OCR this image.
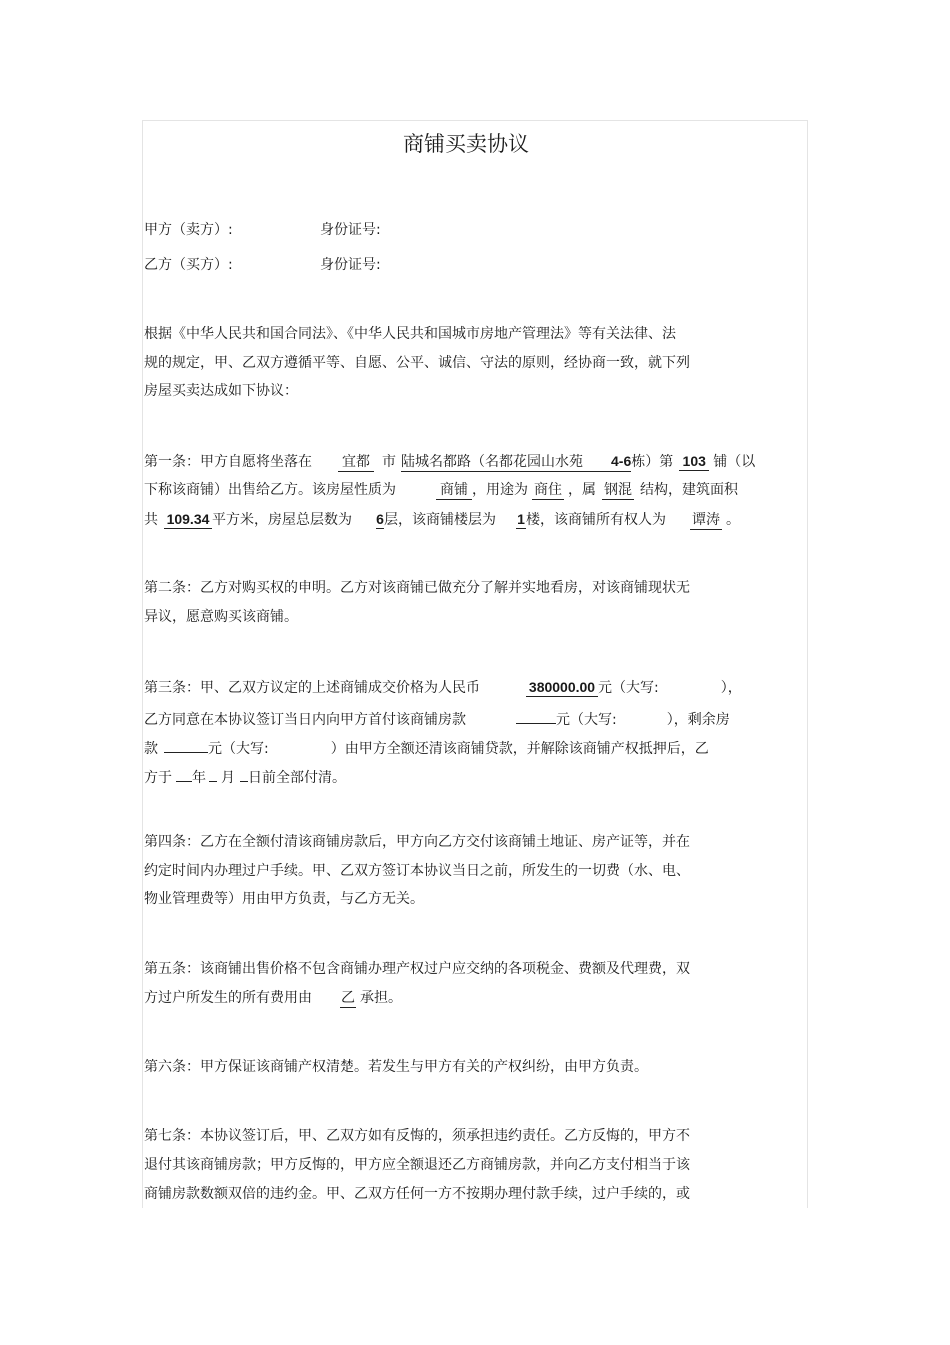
商铺买卖协议
甲方（卖方）:	身份证号:
乙方（买方）:	身份证号:
根据《中华人民共和国合同法》、《中华人民共和国城市房地产管理法》等有关法律、法
规的规定，甲、乙双方遵循平等、自愿、公平、诚信、守法的原则，经协商一致，就下列
房屋买卖达成如下协议：
第一条：甲方自愿将坐落在 宜都 市 陆城名都路（名都花园山水苑 4-6栋）第 103 铺（以
下称该商铺）出售给乙方。该房屋性质为	商铺 ，用途为 商住 ，属 钢混 结构，建筑面积
共 109.34 平方米，房屋总层数为 6层，该商铺楼层为 1楼，该商铺所有权人为 谭涛 。
第二条：乙方对购买权的申明。乙方对该商铺已做充分了解并实地看房，对该商铺现状无
异议，愿意购买该商铺。
第三条：甲、乙双方议定的上述商铺成交价格为人民币	380000.00 元（大写:	），
乙方同意在本协议签订当日内向甲方首付该商铺房款	元（大写:	），剩余房
款	元（大写:	）由甲方全额还清该商铺贷款，并解除该商铺产权抵押后，乙
方于 年 月 日前全部付清。
第四条：乙方在全额付清该商铺房款后，甲方向乙方交付该商铺土地证、房产证等，并在
约定时间内办理过户手续。甲、乙双方签订本协议当日之前，所发生的一切费（水、电、
物业管理费等）用由甲方负责，与乙方无关。
第五条：该商铺出售价格不包含商铺办理产权过户应交纳的各项税金、费额及代理费，双
方过户所发生的所有费用由 乙 承担。
第六条：甲方保证该商铺产权清楚。若发生与甲方有关的产权纠纷，由甲方负责。
第七条：本协议签订后，甲、乙双方如有反悔的，须承担违约责任。乙方反悔的，甲方不
退付其该商铺房款；甲方反悔的，甲方应全额退还乙方商铺房款，并向乙方支付相当于该
商铺房款数额双倍的违约金。甲、乙双方任何一方不按期办理付款手续，过户手续的，或
